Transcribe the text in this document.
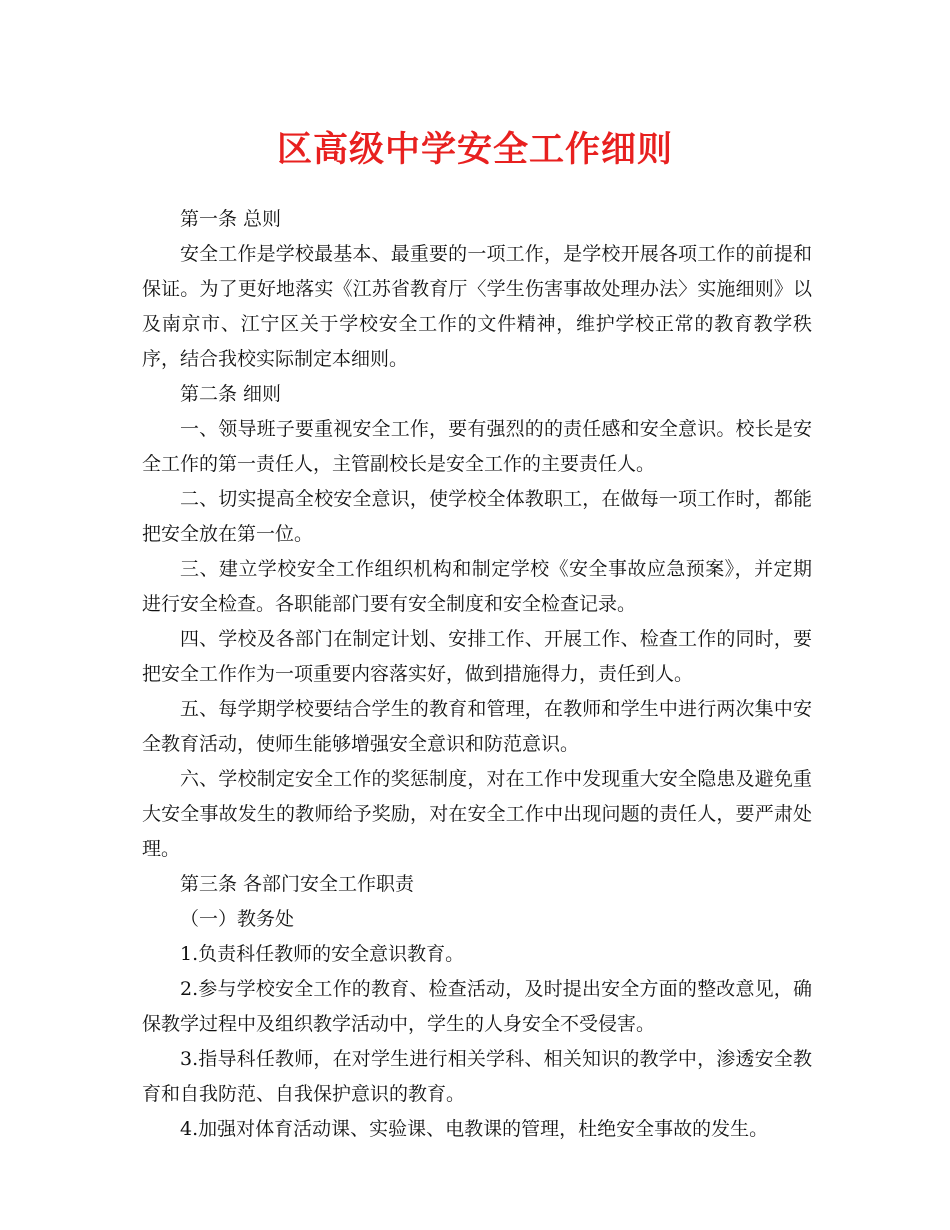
区高级中学安全工作细则

第一条 总则

安全工作是学校最基本、最重要的一项工作，是学校开展各项工作的前提和保证。为了更好地落实《江苏省教育厅〈学生伤害事故处理办法〉实施细则》以及南京市、江宁区关于学校安全工作的文件精神，维护学校正常的教育教学秩序，结合我校实际制定本细则。

第二条 细则

一、领导班子要重视安全工作，要有强烈的的责任感和安全意识。校长是安全工作的第一责任人，主管副校长是安全工作的主要责任人。

二、切实提高全校安全意识，使学校全体教职工，在做每一项工作时，都能把安全放在第一位。

三、建立学校安全工作组织机构和制定学校《安全事故应急预案》，并定期进行安全检查。各职能部门要有安全制度和安全检查记录。

四、学校及各部门在制定计划、安排工作、开展工作、检查工作的同时，要把安全工作作为一项重要内容落实好，做到措施得力，责任到人。

五、每学期学校要结合学生的教育和管理，在教师和学生中进行两次集中安全教育活动，使师生能够增强安全意识和防范意识。

六、学校制定安全工作的奖惩制度，对在工作中发现重大安全隐患及避免重大安全事故发生的教师给予奖励，对在安全工作中出现问题的责任人，要严肃处理。

第三条 各部门安全工作职责

（一）教务处

1.负责科任教师的安全意识教育。

2.参与学校安全工作的教育、检查活动，及时提出安全方面的整改意见，确保教学过程中及组织教学活动中，学生的人身安全不受侵害。

3.指导科任教师，在对学生进行相关学科、相关知识的教学中，渗透安全教育和自我防范、自我保护意识的教育。

4.加强对体育活动课、实验课、电教课的管理，杜绝安全事故的发生。
